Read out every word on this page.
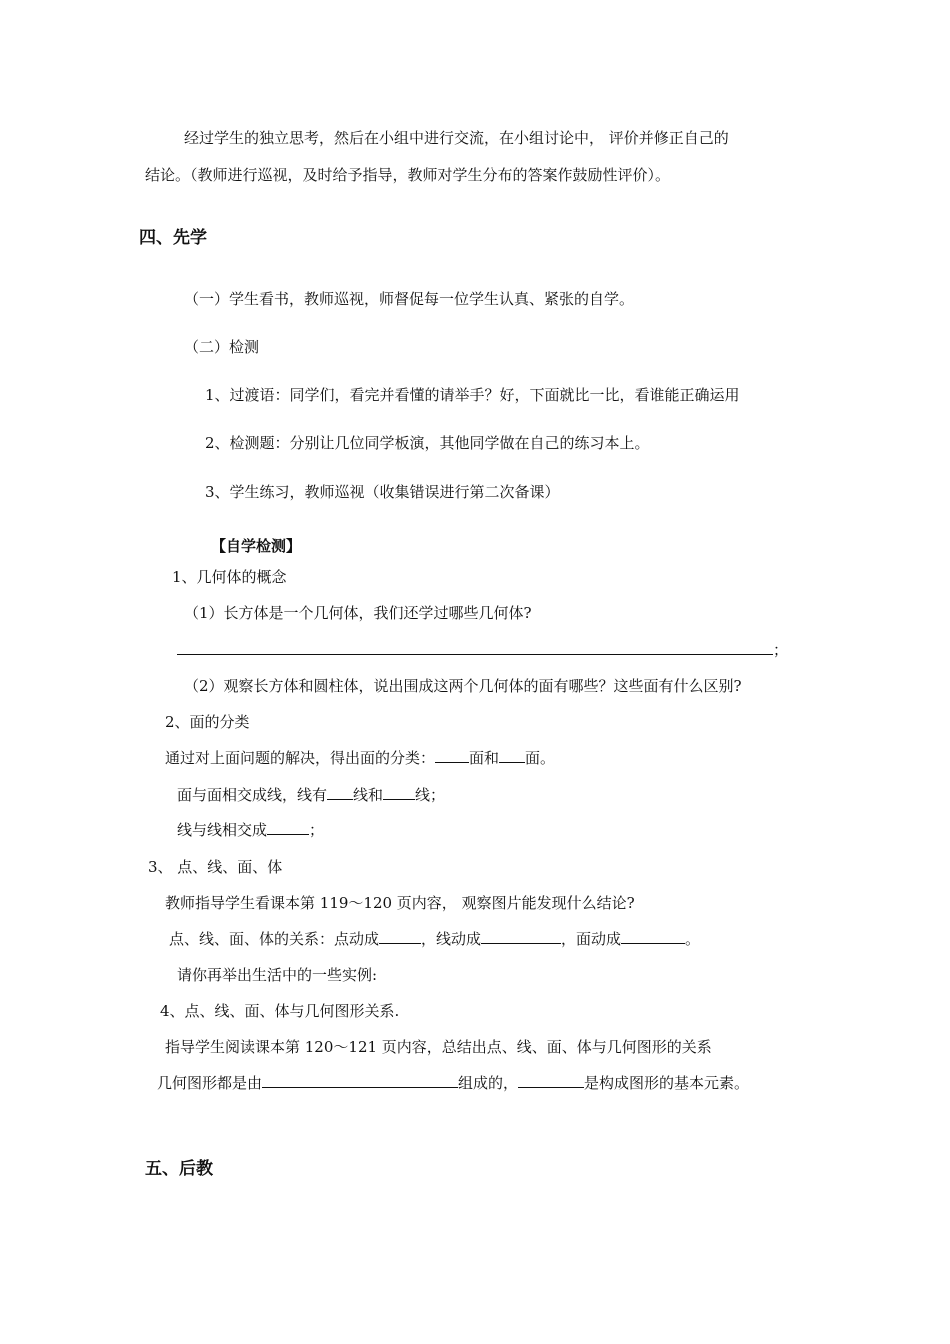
经过学生的独立思考，然后在小组中进行交流，在小组讨论中， 评价并修正自己的
结论。（教师进行巡视，及时给予指导，教师对学生分布的答案作鼓励性评价）。
四、先学
（一）学生看书，教师巡视，师督促每一位学生认真、紧张的自学。
（二）检测
1、过渡语：同学们，看完并看懂的请举手？好，下面就比一比，看谁能正确运用
2、检测题：分别让几位同学板演，其他同学做在自己的练习本上。
3、学生练习，教师巡视（收集错误进行第二次备课）
【自学检测】
1、几何体的概念
（1）长方体是一个几何体，我们还学过哪些几何体?
；
（2）观察长方体和圆柱体，说出围成这两个几何体的面有哪些？这些面有什么区别?
2、面的分类
通过对上面问题的解决，得出面的分类： 面和 面。
面与面相交成线，线有 线和 线；
线与线相交成	；
3、 点、线、面、体
教师指导学生看课本第 119～120 页内容， 观察图片能发现什么结论?
点、线、面、体的关系：点动成	，线动成	，面动成	。
请你再举出生活中的一些实例:
4、点、线、面、体与几何图形关系.
指导学生阅读课本第 120～121 页内容，总结出点、线、面、体与几何图形的关系
几何图形都是由	组成的，	是构成图形的基本元素。
五、后教
